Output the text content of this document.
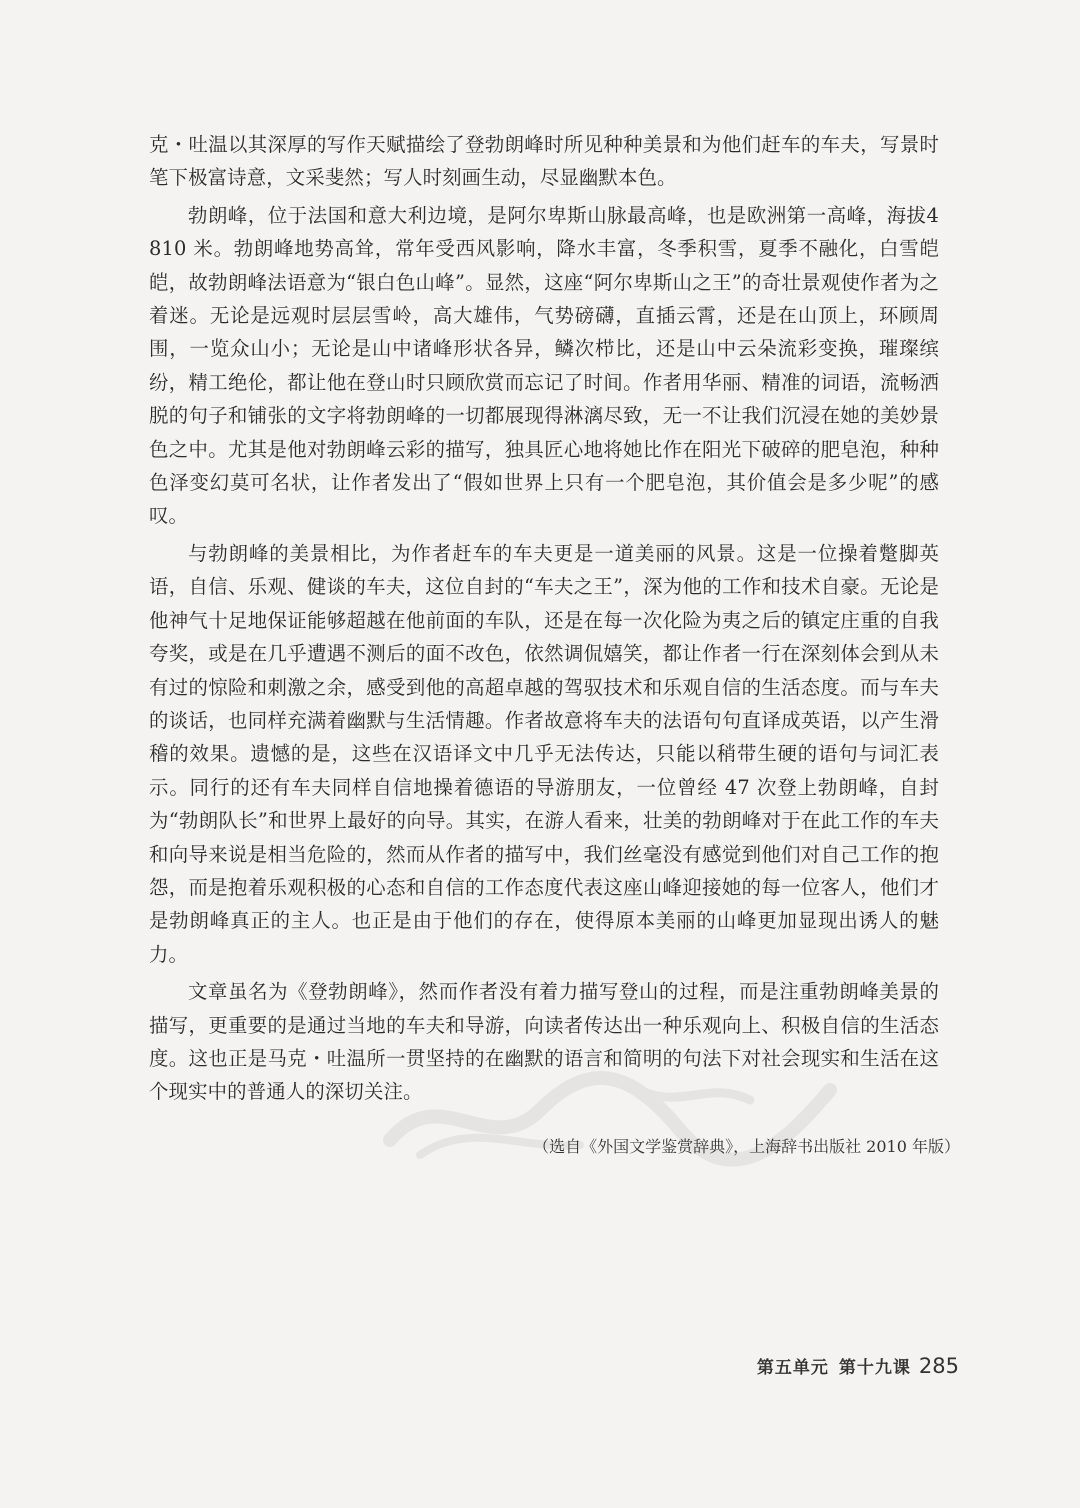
克・吐温以其深厚的写作天赋描绘了登勃朗峰时所见种种美景和为他们赶车的车夫，写景时笔下极富诗意，文采斐然；写人时刻画生动，尽显幽默本色。

勃朗峰，位于法国和意大利边境，是阿尔卑斯山脉最高峰，也是欧洲第一高峰，海拔4 810 米。勃朗峰地势高耸，常年受西风影响，降水丰富，冬季积雪，夏季不融化，白雪皑皑，故勃朗峰法语意为“银白色山峰”。显然，这座“阿尔卑斯山之王”的奇壮景观使作者为之着迷。无论是远观时层层雪岭，高大雄伟，气势磅礴，直插云霄，还是在山顶上，环顾周围，一览众山小；无论是山中诸峰形状各异，鳞次栉比，还是山中云朵流彩变换，璀璨缤纷，精工绝伦，都让他在登山时只顾欣赏而忘记了时间。作者用华丽、精准的词语，流畅洒脱的句子和铺张的文字将勃朗峰的一切都展现得淋漓尽致，无一不让我们沉浸在她的美妙景色之中。尤其是他对勃朗峰云彩的描写，独具匠心地将她比作在阳光下破碎的肥皂泡，种种色泽变幻莫可名状，让作者发出了“假如世界上只有一个肥皂泡，其价值会是多少呢”的感叹。

与勃朗峰的美景相比，为作者赶车的车夫更是一道美丽的风景。这是一位操着蹩脚英语，自信、乐观、健谈的车夫，这位自封的“车夫之王”，深为他的工作和技术自豪。无论是他神气十足地保证能够超越在他前面的车队，还是在每一次化险为夷之后的镇定庄重的自我夸奖，或是在几乎遭遇不测后的面不改色，依然调侃嬉笑，都让作者一行在深刻体会到从未有过的惊险和刺激之余，感受到他的高超卓越的驾驭技术和乐观自信的生活态度。而与车夫的谈话，也同样充满着幽默与生活情趣。作者故意将车夫的法语句句直译成英语，以产生滑稽的效果。遗憾的是，这些在汉语译文中几乎无法传达，只能以稍带生硬的语句与词汇表示。同行的还有车夫同样自信地操着德语的导游朋友，一位曾经 47 次登上勃朗峰，自封为“勃朗队长”和世界上最好的向导。其实，在游人看来，壮美的勃朗峰对于在此工作的车夫和向导来说是相当危险的，然而从作者的描写中，我们丝毫没有感觉到他们对自己工作的抱怨，而是抱着乐观积极的心态和自信的工作态度代表这座山峰迎接她的每一位客人，他们才是勃朗峰真正的主人。也正是由于他们的存在，使得原本美丽的山峰更加显现出诱人的魅力。

文章虽名为《登勃朗峰》，然而作者没有着力描写登山的过程，而是注重勃朗峰美景的描写，更重要的是通过当地的车夫和导游，向读者传达出一种乐观向上、积极自信的生活态度。这也正是马克・吐温所一贯坚持的在幽默的语言和简明的句法下对社会现实和生活在这个现实中的普通人的深切关注。

（选自《外国文学鉴赏辞典》，上海辞书出版社 2010 年版）
第五单元 第十九课 285
